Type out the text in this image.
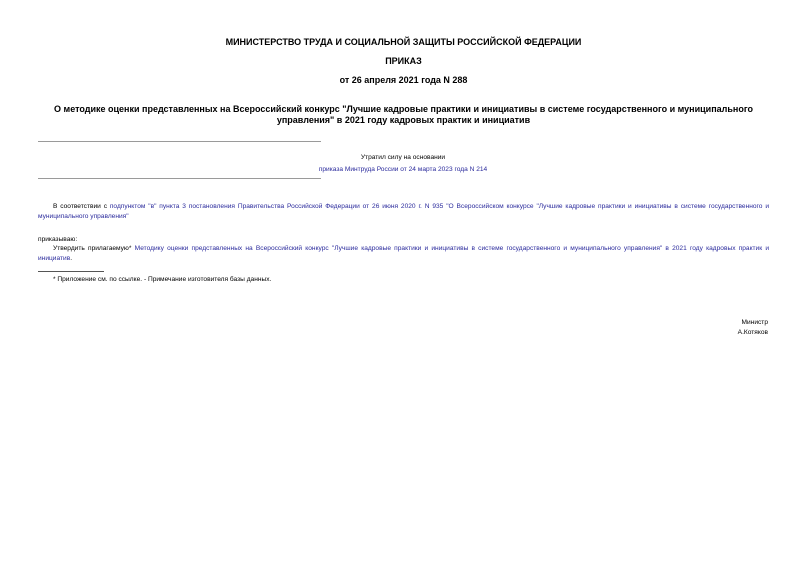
МИНИСТЕРСТВО ТРУДА И СОЦИАЛЬНОЙ ЗАЩИТЫ РОССИЙСКОЙ ФЕДЕРАЦИИ
ПРИКАЗ
от 26 апреля 2021 года N 288
О методике оценки представленных на Всероссийский конкурс "Лучшие кадровые практики и инициативы в системе государственного и муниципального управления" в 2021 году кадровых практик и инициатив
Утратил силу на основании
приказа Минтруда России от 24 марта 2023 года N 214
В соответствии с подпунктом "в" пункта 3 постановления Правительства Российской Федерации от 26 июня 2020 г. N 935 "О Всероссийском конкурсе "Лучшие кадровые практики и инициативы в системе государственного и муниципального управления"
приказываю:
Утвердить прилагаемую* Методику оценки представленных на Всероссийский конкурс "Лучшие кадровые практики и инициативы в системе государственного и муниципального управления" в 2021 году кадровых практик и инициатив.
* Приложение см. по ссылке. - Примечание изготовителя базы данных.
Министр
А.Котяков
